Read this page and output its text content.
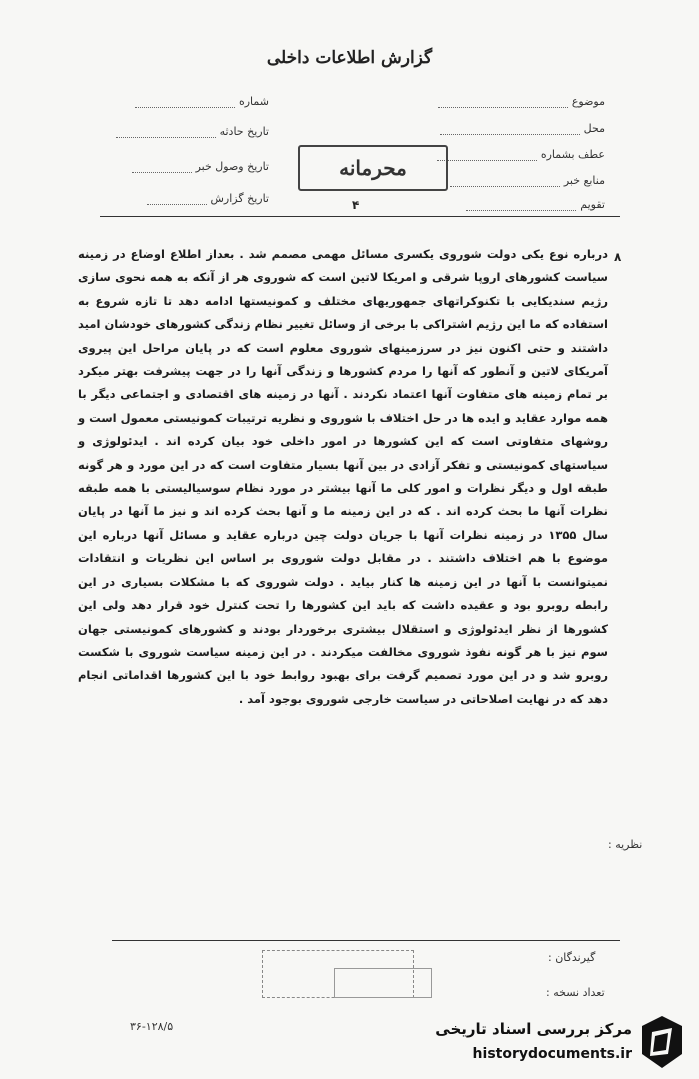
گزارش اطلاعات داخلی
موضوع
محل
عطف بشماره
منابع خبر
تقویم
شماره
تاریخ حادثه
تاریخ وصول خبر
تاریخ گزارش
محرمانه
۴
۸

درباره نوع یکی دولت شوروی یکسری مسائل مهمی مصمم شد . بعداز اطلاع اوضاع در زمینه سیاست کشورهای اروپا شرقی و امریکا لاتین است که شوروی هر از آنکه به همه نحوی سازی رژیم سندیکایی با تکنوکراتهای جمهوریهای مختلف و کمونیستها ادامه دهد تا تازه شروع به استفاده که ما این رژیم اشتراکی با برخی از وسائل تغییر نظام زندگی کشورهای خودشان امید داشتند و حتی اکنون نیز در سرزمینهای شوروی معلوم است که در پایان مراحل این پیروی آمریکای لاتین و آنطور که آنها را مردم کشورها و زندگی آنها را در جهت پیشرفت بهتر میکرد بر تمام زمینه های متفاوت آنها اعتماد نکردند . آنها در زمینه های اقتصادی و اجتماعی دیگر با همه موارد عقاید و ایده ها در حل اختلاف با شوروی و نظریه ترتیبات کمونیستی معمول است و روشهای متفاوتی است که این کشورها در امور داخلی خود بیان کرده اند . ایدئولوژی و سیاستهای کمونیستی و تفکر آزادی در بین آنها بسیار متفاوت است که در این مورد و هر گونه طبقه اول و دیگر نظرات و امور کلی ما آنها بیشتر در مورد نظام سوسیالیستی با همه طبقه نظرات آنها ما بحث کرده اند . که در این زمینه ما و آنها بحث کرده اند و نیز ما آنها در پایان سال ۱۳۵۵ در زمینه نظرات آنها با جریان دولت چین درباره عقاید و مسائل آنها درباره این موضوع با هم اختلاف داشتند . در مقابل دولت شوروی بر اساس این نظریات و انتقادات نمیتوانست با آنها در این زمینه ها کنار بیاید . دولت شوروی که با مشکلات بسیاری در این رابطه روبرو بود و عقیده داشت که باید این کشورها را تحت کنترل خود قرار دهد ولی این کشورها از نظر ایدئولوژی و استقلال بیشتری برخوردار بودند و کشورهای کمونیستی جهان سوم نیز با هر گونه نفوذ شوروی مخالفت میکردند . در این زمینه سیاست شوروی با شکست روبرو شد و در این مورد تصمیم گرفت برای بهبود روابط خود با این کشورها اقداماتی انجام دهد که در نهایت اصلاحاتی در سیاست خارجی شوروی بوجود آمد .

نظریه :
گیرندگان :
تعداد نسخه :
۳۶-۱۲۸/۵	مرکز بررسی اسناد تاریخی
historydocuments.ir
